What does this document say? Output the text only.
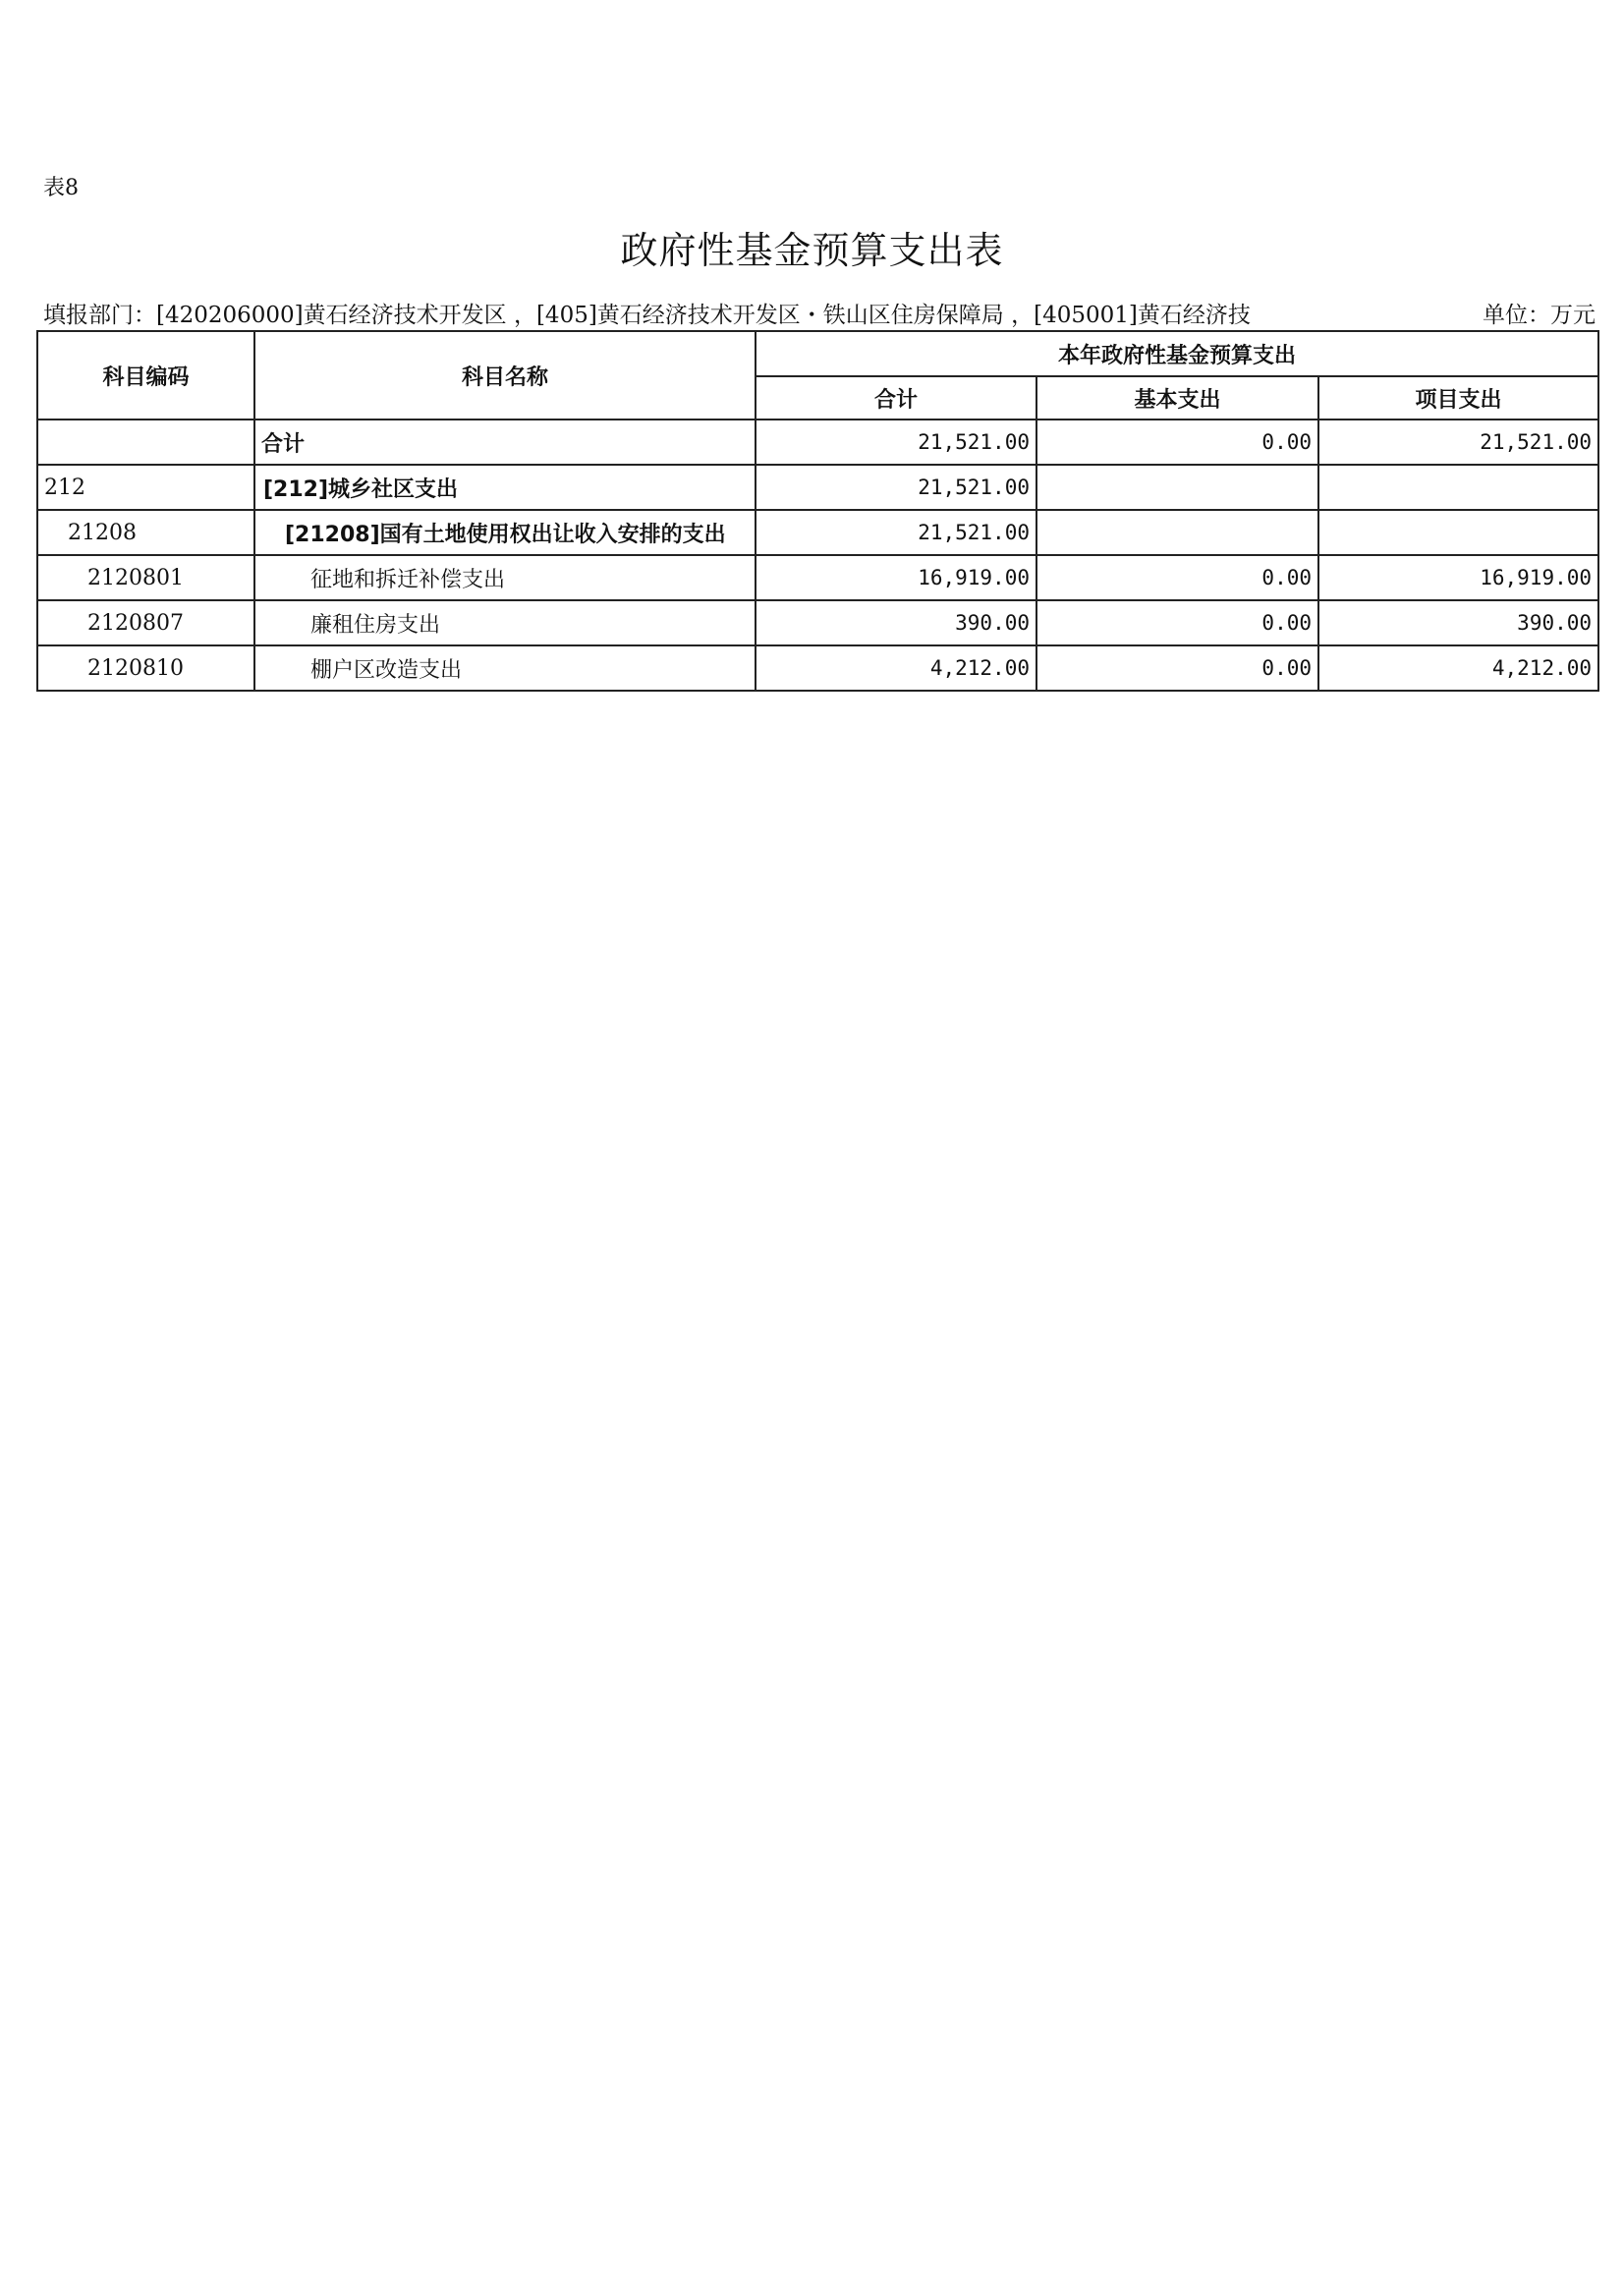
表8
政府性基金预算支出表
填报部门：[420206000]黄石经济技术开发区 ，[405]黄石经济技术开发区・铁山区住房保障局 ，[405001]黄石经济技	单位：万元
科目编码	科目名称	本年政府性基金预算支出		
		合计	基本支出	项目支出
	合计	21,521.00	0.00	21,521.00
212	[212]城乡社区支出	21,521.00		
21208	[21208]国有土地使用权出让收入安排的支出	21,521.00		
2120801	征地和拆迁补偿支出	16,919.00	0.00	16,919.00
2120807	廉租住房支出	390.00	0.00	390.00
2120810	棚户区改造支出	4,212.00	0.00	4,212.00
